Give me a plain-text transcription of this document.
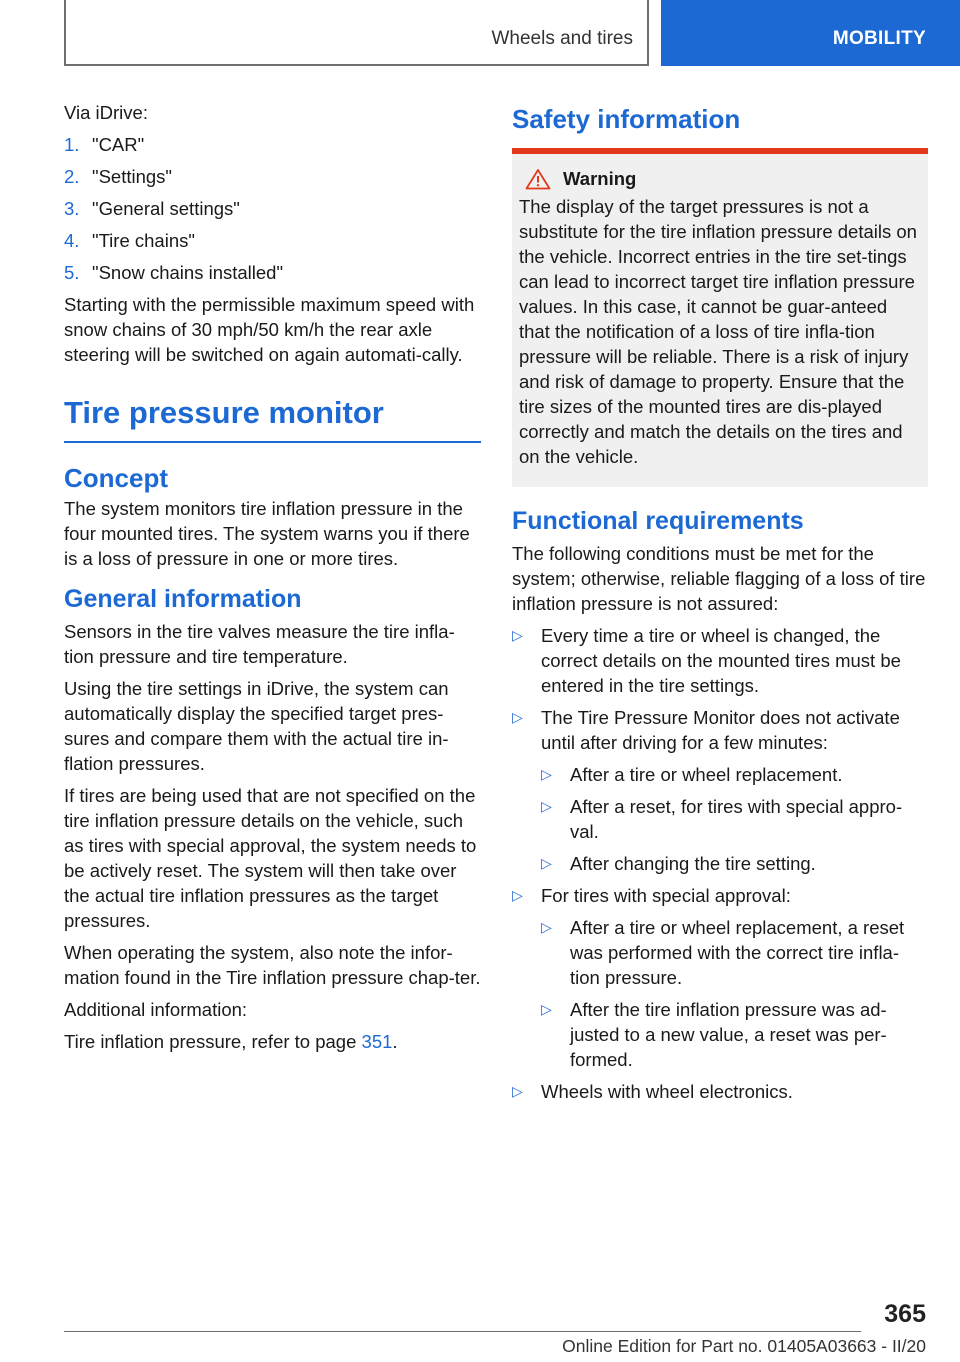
Wheels and tires	MOBILITY

Via iDrive:

1. "CAR"
2. "Settings"
3. "General settings"
4. "Tire chains"
5. "Snow chains installed"

Starting with the permissible maximum speed with snow chains of 30 mph/50 km/h the rear axle steering will be switched on again automati‐cally.

Tire pressure monitor
Concept

The system monitors tire inflation pressure in the four mounted tires. The system warns you if there is a loss of pressure in one or more tires.

General information

Sensors in the tire valves measure the tire infla‐tion pressure and tire temperature.

Using the tire settings in iDrive, the system can automatically display the specified target pres‐sures and compare them with the actual tire in‐flation pressures.

If tires are being used that are not specified on the tire inflation pressure details on the vehicle, such as tires with special approval, the system needs to be actively reset. The system will then take over the actual tire inflation pressures as the target pressures.

When operating the system, also note the infor‐mation found in the Tire inflation pressure chap‐ter.

Additional information:

Tire inflation pressure, refer to page 351.

Safety information
Warning

The display of the target pressures is not a substitute for the tire inflation pressure details on the vehicle. Incorrect entries in the tire set‐tings can lead to incorrect target tire inflation pressure values. In this case, it cannot be guar‐anteed that the notification of a loss of tire infla‐tion pressure will be reliable. There is a risk of injury and risk of damage to property. Ensure that the tire sizes of the mounted tires are dis‐played correctly and match the details on the tires and on the vehicle.

Functional requirements

The following conditions must be met for the system; otherwise, reliable flagging of a loss of tire inflation pressure is not assured:

▷ Every time a tire or wheel is changed, the correct details on the mounted tires must be entered in the tire settings.
▷ The Tire Pressure Monitor does not activate until after driving for a few minutes:
▷ After a tire or wheel replacement.
▷ After a reset, for tires with special appro‐val.
▷ After changing the tire setting.
▷ For tires with special approval:
▷ After a tire or wheel replacement, a reset was performed with the correct tire infla‐tion pressure.
▷ After the tire inflation pressure was ad‐justed to a new value, a reset was per‐formed.
▷ Wheels with wheel electronics.
365
Online Edition for Part no. 01405A03663 - II/20
